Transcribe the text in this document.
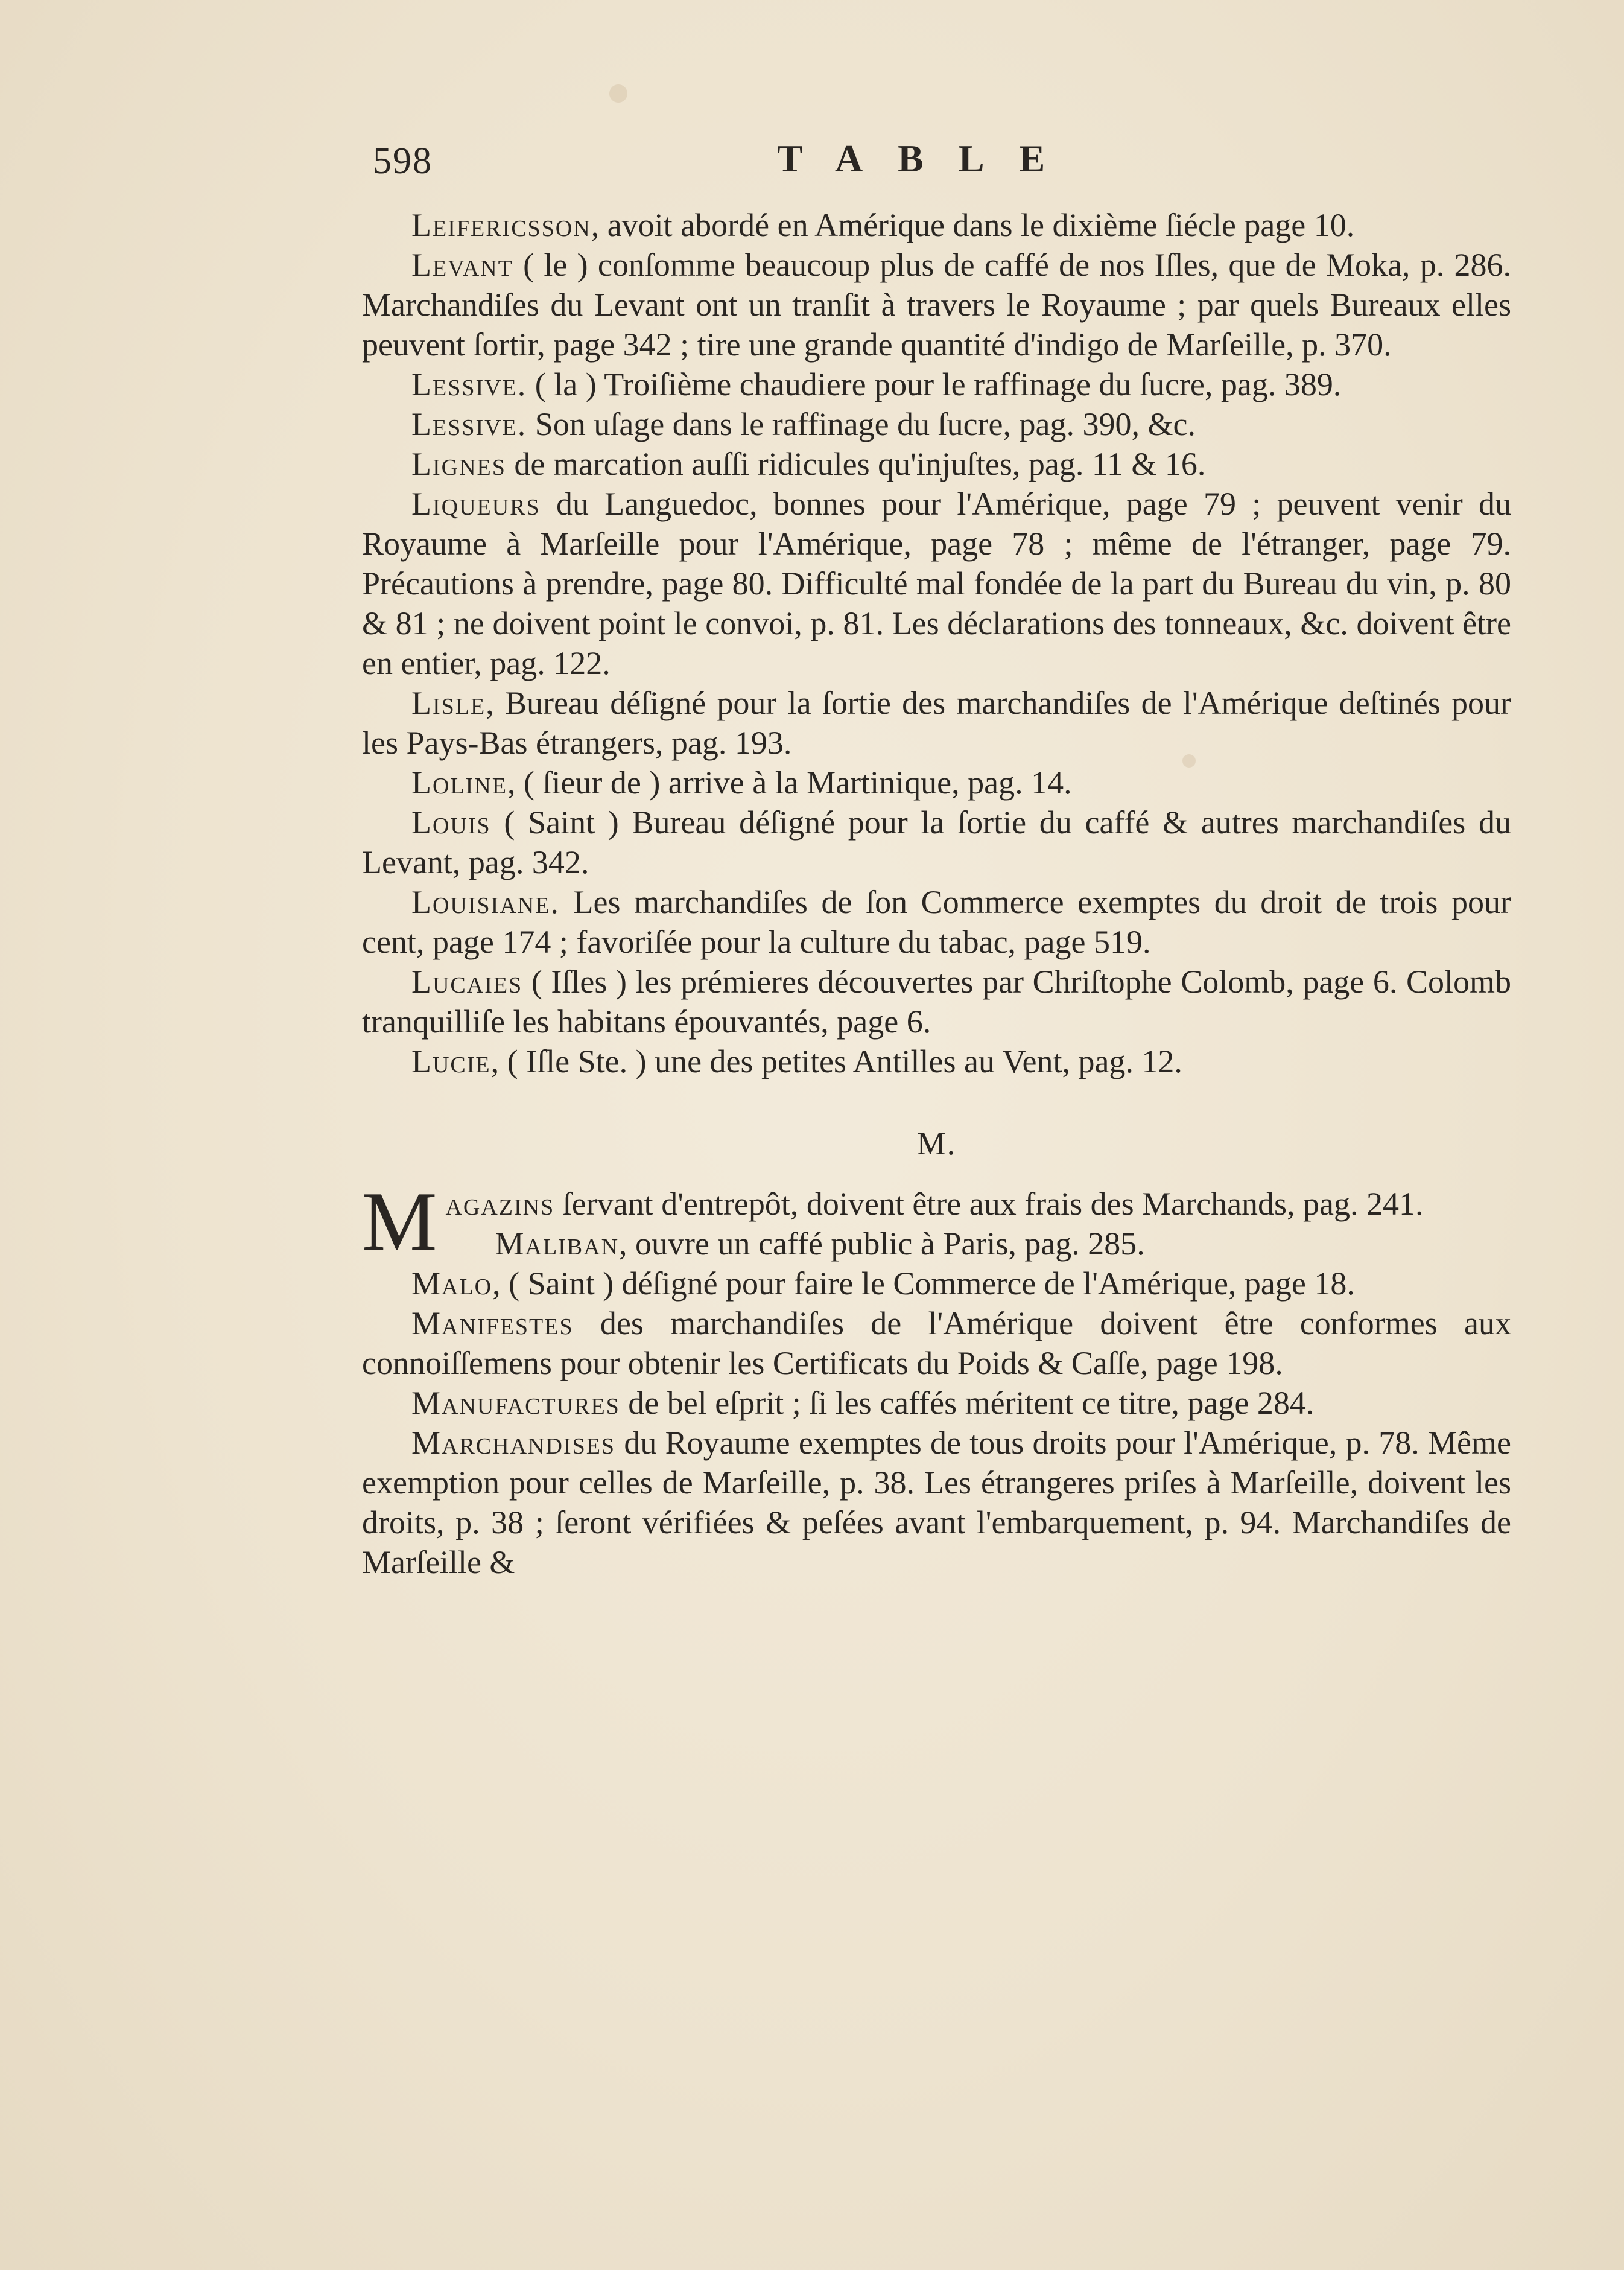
598	TABLE

Leifericsson, avoit abordé en Amérique dans le dixième ſiécle page 10.

Levant ( le ) conſomme beaucoup plus de caffé de nos Iſles, que de Moka, p. 286. Marchandiſes du Levant ont un tranſit à travers le Royaume ; par quels Bureaux elles peuvent ſortir, page 342 ; tire une grande quantité d'indigo de Marſeille, p. 370.

Lessive. ( la ) Troiſième chaudiere pour le raffinage du ſucre, pag. 389.

Lessive. Son uſage dans le raffinage du ſucre, pag. 390, &c.

Lignes de marcation auſſi ridicules qu'injuſtes, pag. 11 & 16.

Liqueurs du Languedoc, bonnes pour l'Amérique, page 79 ; peuvent venir du Royaume à Marſeille pour l'Amérique, page 78 ; même de l'étranger, page 79. Précautions à prendre, page 80. Difficulté mal fondée de la part du Bureau du vin, p. 80 & 81 ; ne doivent point le convoi, p. 81. Les déclarations des tonneaux, &c. doivent être en entier, pag. 122.

Lisle, Bureau déſigné pour la ſortie des marchandiſes de l'Amérique deſtinés pour les Pays-Bas étrangers, pag. 193.

Loline, ( ſieur de ) arrive à la Martinique, pag. 14.

Louis ( Saint ) Bureau déſigné pour la ſortie du caffé & autres marchandiſes du Levant, pag. 342.

Louisiane. Les marchandiſes de ſon Commerce exemptes du droit de trois pour cent, page 174 ; favoriſée pour la culture du tabac, page 519.

Lucaies ( Iſles ) les prémieres découvertes par Chriſtophe Colomb, page 6. Colomb tranquilliſe les habitans épouvantés, page 6.

Lucie, ( Iſle Ste. ) une des petites Antilles au Vent, pag. 12.

M.

Magazins ſervant d'entrepôt, doivent être aux frais des Marchands, pag. 241.

Maliban, ouvre un caffé public à Paris, pag. 285.

Malo, ( Saint ) déſigné pour faire le Commerce de l'Amérique, page 18.

Manifestes des marchandiſes de l'Amérique doivent être conformes aux connoiſſemens pour obtenir les Certificats du Poids & Caſſe, page 198.

Manufactures de bel eſprit ; ſi les caffés méritent ce titre, page 284.

Marchandises du Royaume exemptes de tous droits pour l'Amérique, p. 78. Même exemption pour celles de Marſeille, p. 38. Les étrangeres priſes à Marſeille, doivent les droits, p. 38 ; ſeront vérifiées & peſées avant l'embarquement, p. 94. Marchandiſes de Marſeille &
